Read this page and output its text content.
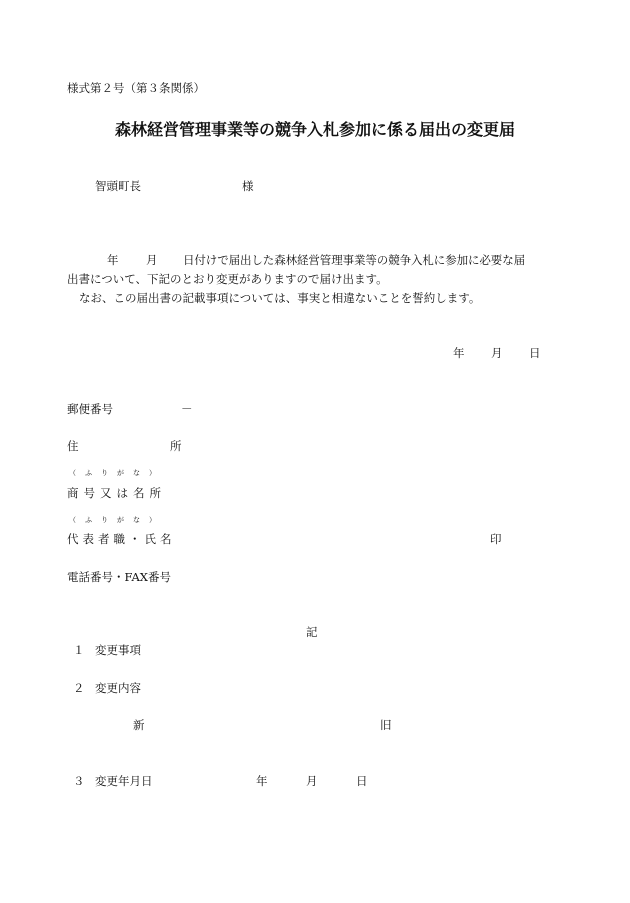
様式第２号（第３条関係）
森林経営管理事業等の競争入札参加に係る届出の変更届
智頭町長	様
年 月 日付けで届出した森林経営管理事業等の競争入札に参加に必要な届
出書について、下記のとおり変更がありますので届け出ます。
なお、この届出書の記載事項については、事実と相違ないことを誓約します。
年 月 日
郵便番号	－
住	所
（ふりがな）
商号又は名所
（ふりがな）
代表者職・氏名	印
電話番号・FAX番号
記
１ 変更事項
２ 変更内容
新	旧
３ 変更年月日	年	月	日
